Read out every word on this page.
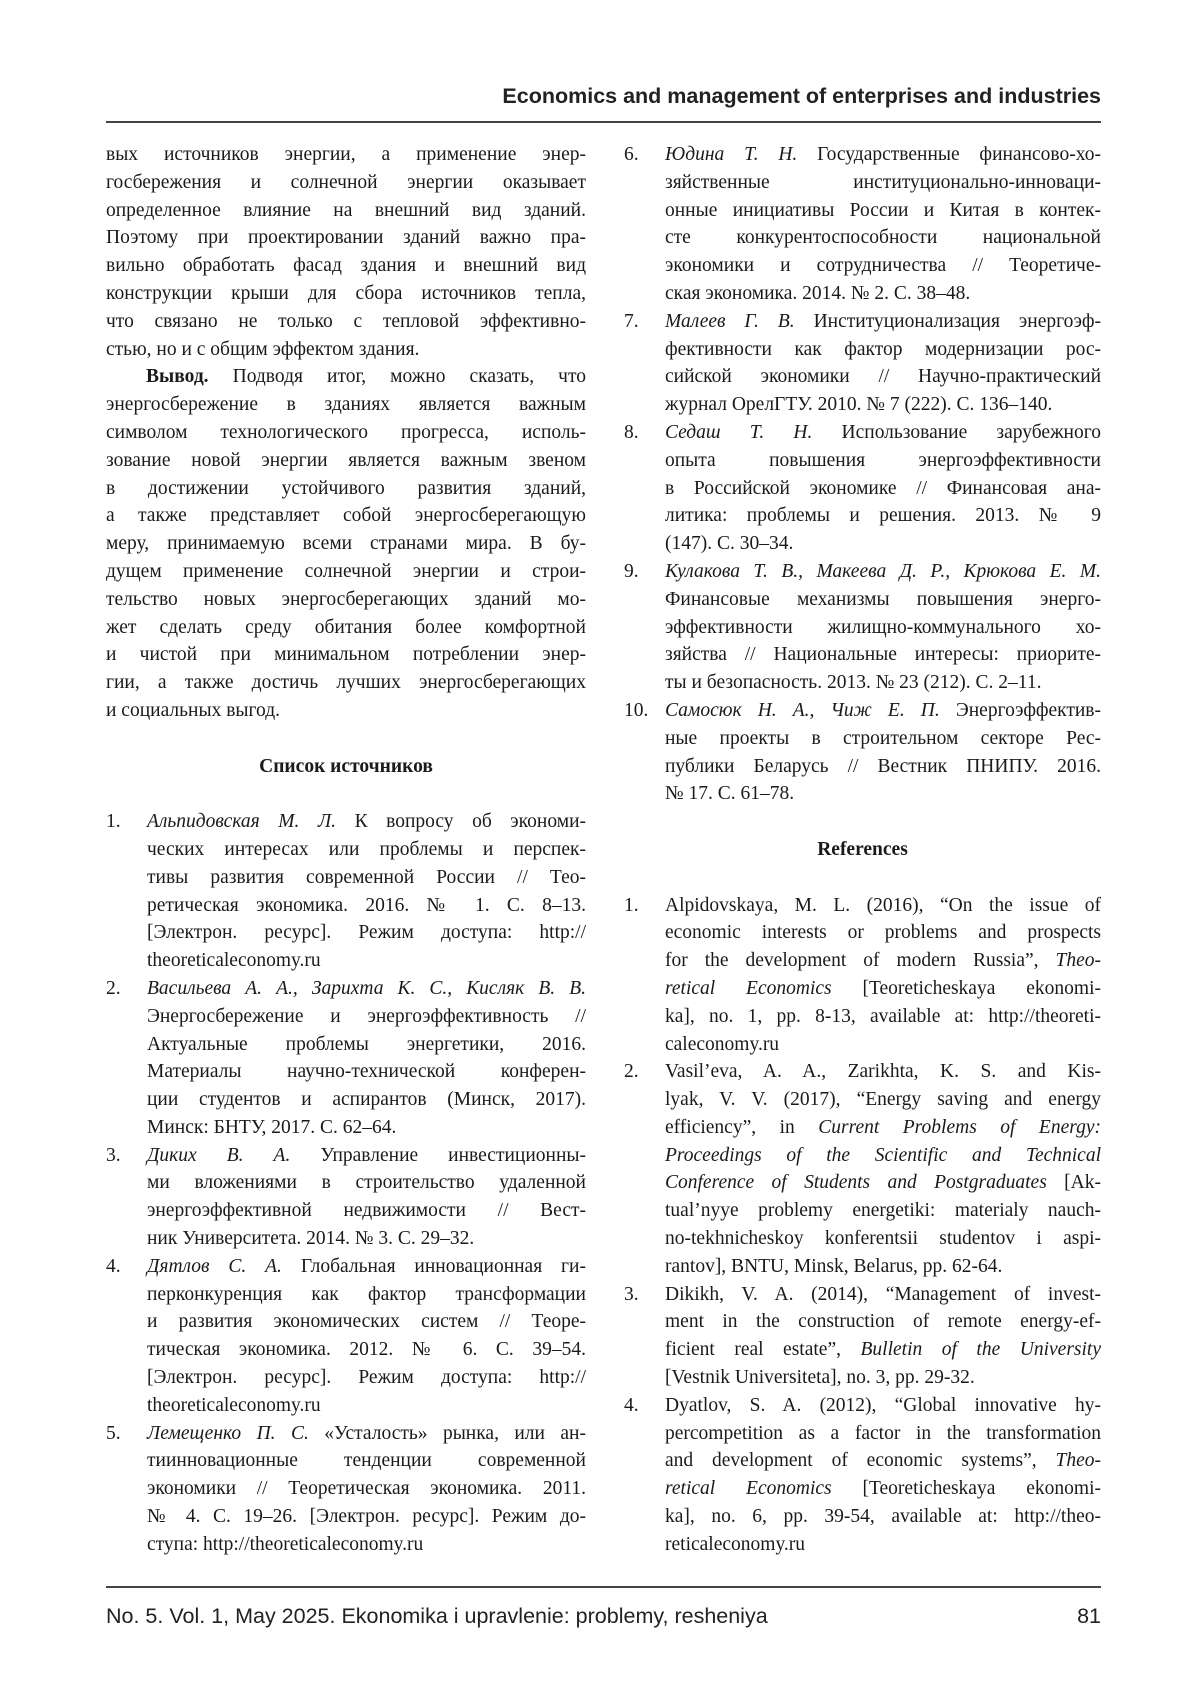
Economics and management of enterprises and industries
вых источников энергии, а применение энер-
госбережения и солнечной энергии оказывает
определенное влияние на внешний вид зданий.
Поэтому при проектировании зданий важно пра-
вильно обработать фасад здания и внешний вид
конструкции крыши для сбора источников тепла,
что связано не только с тепловой эффективно-
стью, но и с общим эффектом здания.
Вывод. Подводя итог, можно сказать, что
энергосбережение в зданиях является важным
символом технологического прогресса, исполь-
зование новой энергии является важным звеном
в достижении устойчивого развития зданий,
а также представляет собой энергосберегающую
меру, принимаемую всеми странами мира. В бу-
дущем применение солнечной энергии и строи-
тельство новых энергосберегающих зданий мо-
жет сделать среду обитания более комфортной
и чистой при минимальном потреблении энер-
гии, а также достичь лучших энергосберегающих
и социальных выгод.
Список источников
1. Альпидовская М. Л. К вопросу об экономи-
ческих интересах или проблемы и перспек-
тивы развития современной России // Тео-
ретическая экономика. 2016. № 1. С. 8–13.
[Электрон. ресурс]. Режим доступа: http://
theoreticaleconomy.ru
2. Васильева А. А., Зарихта К. С., Кисляк В. В.
Энергосбережение и энергоэффективность //
Актуальные проблемы энергетики, 2016.
Материалы научно-технической конферен-
ции студентов и аспирантов (Минск, 2017).
Минск: БНТУ, 2017. С. 62–64.
3. Диких В. А. Управление инвестиционны-
ми вложениями в строительство удаленной
энергоэффективной недвижимости // Вест-
ник Университета. 2014. № 3. С. 29–32.
4. Дятлов С. А. Глобальная инновационная ги-
перконкуренция как фактор трансформации
и развития экономических систем // Теоре-
тическая экономика. 2012. № 6. С. 39–54.
[Электрон. ресурс]. Режим доступа: http://
theoreticaleconomy.ru
5. Лемещенко П. С. «Усталость» рынка, или ан-
тиинновационные тенденции современной
экономики // Теоретическая экономика. 2011.
№ 4. С. 19–26. [Электрон. ресурс]. Режим до-
ступа: http://theoreticaleconomy.ru
6. Юдина Т. Н. Государственные финансово-хо-
зяйственные институционально-инноваци-
онные инициативы России и Китая в контек-
сте конкурентоспособности национальной
экономики и сотрудничества // Теоретиче-
ская экономика. 2014. № 2. С. 38–48.
7. Малеев Г. В. Институционализация энергоэф-
фективности как фактор модернизации рос-
сийской экономики // Научно-практический
журнал ОрелГТУ. 2010. № 7 (222). С. 136–140.
8. Седаш Т. Н. Использование зарубежного
опыта повышения энергоэффективности
в Российской экономике // Финансовая ана-
литика: проблемы и решения. 2013. № 9
(147). С. 30–34.
9. Кулакова Т. В., Макеева Д. Р., Крюкова Е. М.
Финансовые механизмы повышения энерго-
эффективности жилищно-коммунального хо-
зяйства // Национальные интересы: приорите-
ты и безопасность. 2013. № 23 (212). С. 2–11.
10. Самосюк Н. А., Чиж Е. П. Энергоэффектив-
ные проекты в строительном секторе Рес-
публики Беларусь // Вестник ПНИПУ. 2016.
№ 17. С. 61–78.
References
1. Alpidovskaya, M. L. (2016), “On the issue of
economic interests or problems and prospects
for the development of modern Russia”, Theo-
retical Economics [Teoreticheskaya ekonomi-
ka], no. 1, pp. 8-13, available at: http://theoreti-
caleconomy.ru
2. Vasil’eva, A. A., Zarikhta, K. S. and Kis-
lyak, V. V. (2017), “Energy saving and energy
efficiency”, in Current Problems of Energy:
Proceedings of the Scientific and Technical
Conference of Students and Postgraduates [Ak-
tual’nyye problemy energetiki: materialy nauch-
no-tekhnicheskoy konferentsii studentov i aspi-
rantov], BNTU, Minsk, Belarus, pp. 62-64.
3. Dikikh, V. A. (2014), “Management of invest-
ment in the construction of remote energy-ef-
ficient real estate”, Bulletin of the University
[Vestnik Universiteta], no. 3, pp. 29-32.
4. Dyatlov, S. A. (2012), “Global innovative hy-
percompetition as a factor in the transformation
and development of economic systems”, Theo-
retical Economics [Teoreticheskaya ekonomi-
ka], no. 6, pp. 39-54, available at: http://theo-
reticaleconomy.ru
No. 5. Vol. 1, May 2025. Ekonomika i upravlenie: problemy, resheniya	81
